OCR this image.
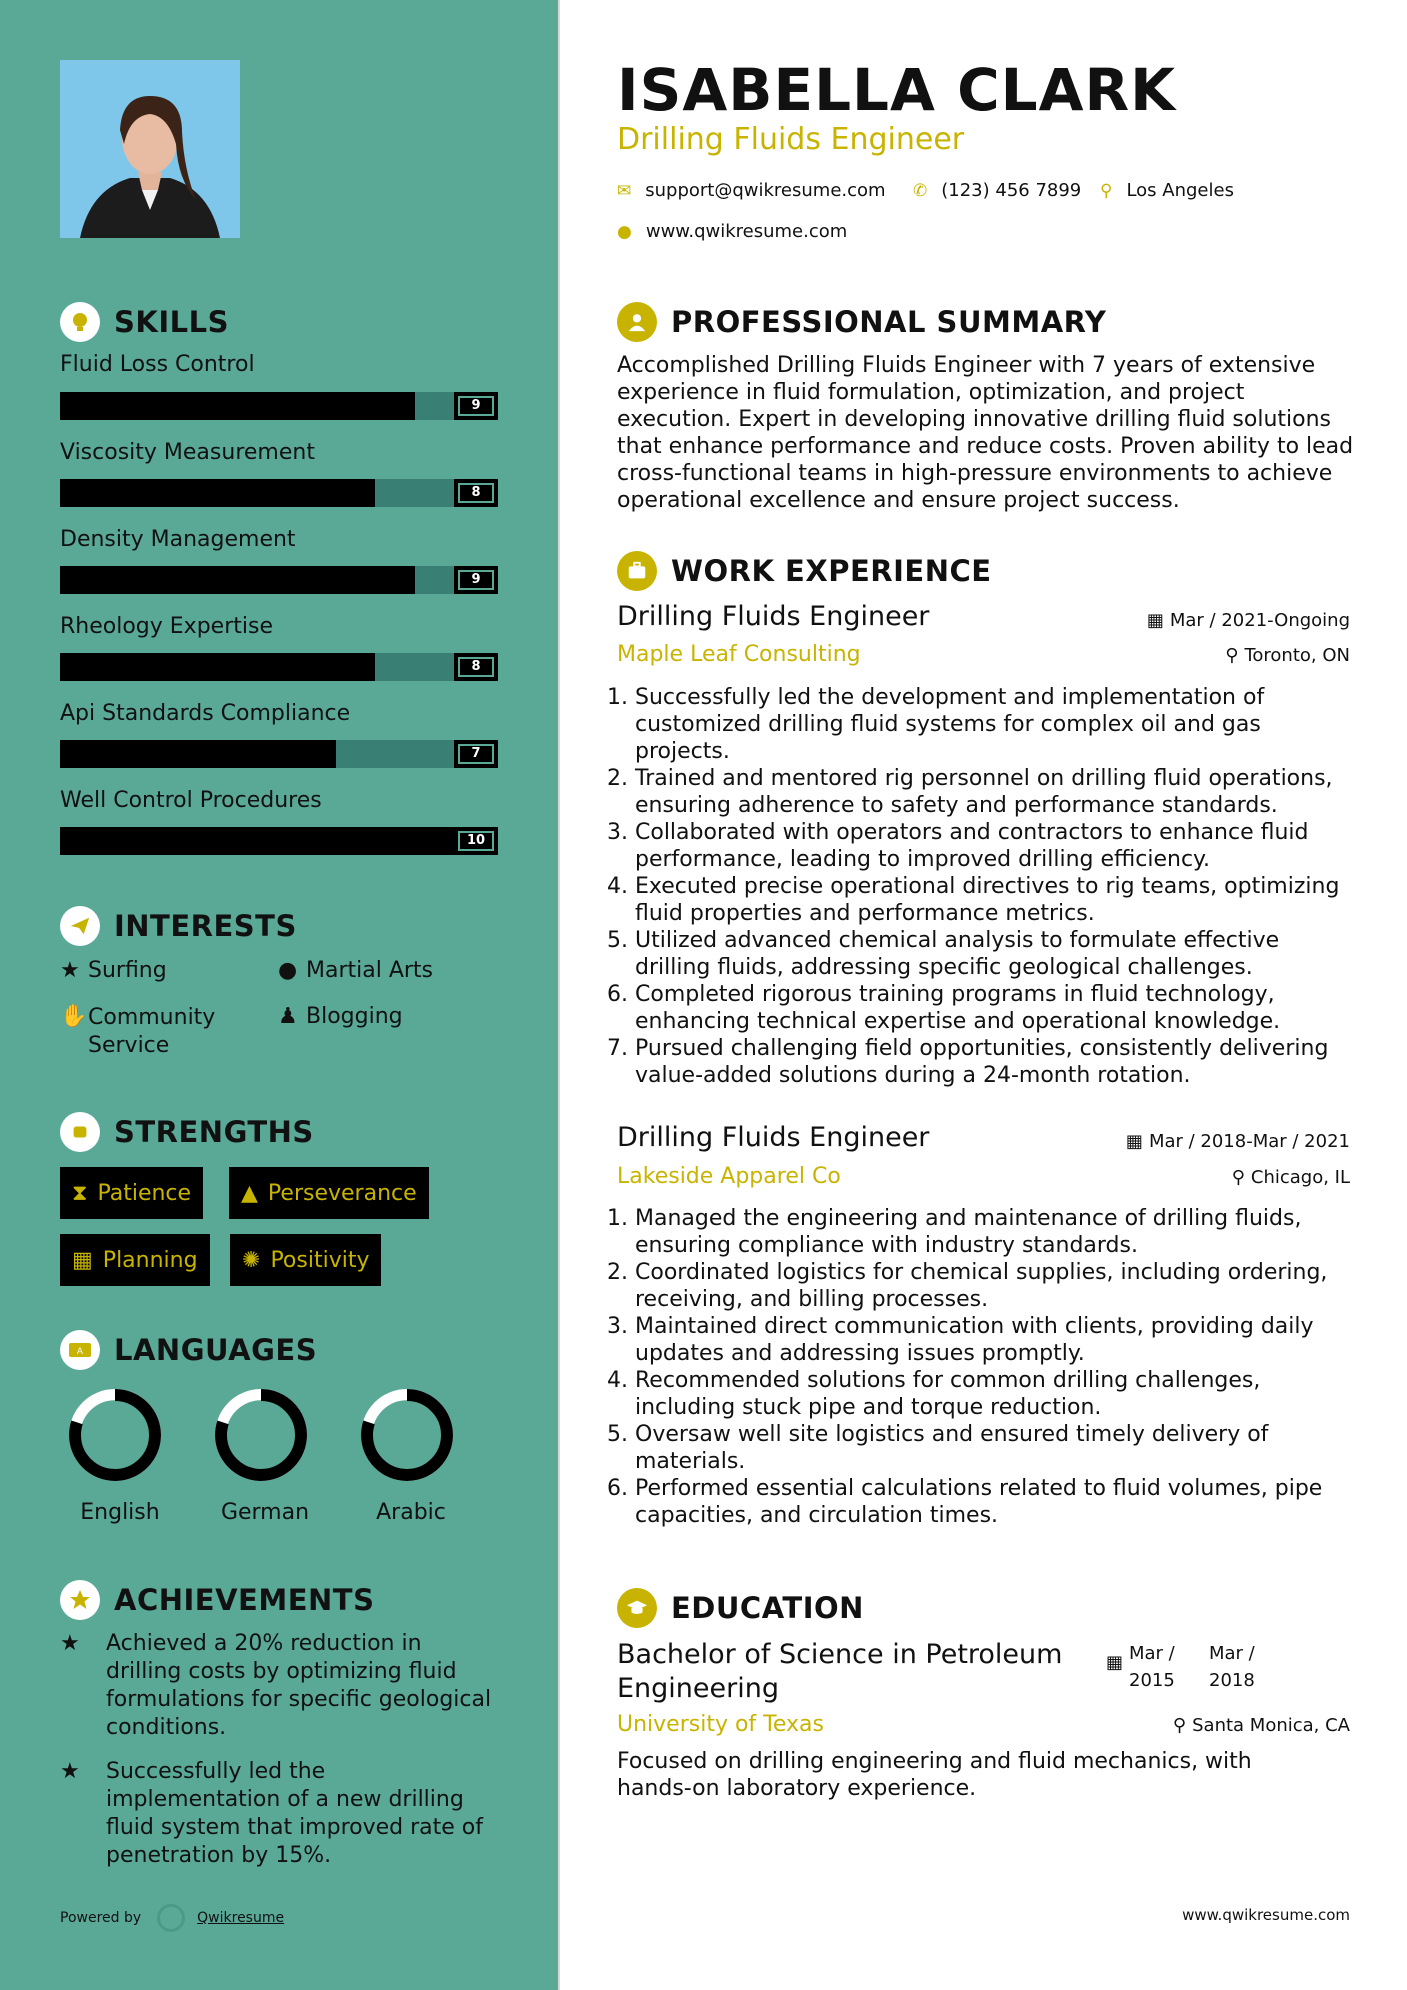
SKILLS
Fluid Loss Control
9
Viscosity Measurement
8
Density Management
9
Rheology Expertise
8
Api Standards Compliance
7
Well Control Procedures
10
INTERESTS
★ Surfing	● Martial Arts
✋ Community Service
♟ Blogging
STRENGTHS
⧗ Patience ▲ Perseverance
▦ Planning ✺ Positivity
A LANGUAGES
English	German	Arabic
ACHIEVEMENTS
★	Achieved a 20% reduction in drilling costs by optimizing fluid formulations for specific geological conditions.
★	Successfully led the implementation of a new drilling fluid system that improved rate of penetration by 15%.
Powered by	Qwikresume
ISABELLA CLARK
Drilling Fluids Engineer
✉ support@qwikresume.com ✆ (123) 456 7899 ⚲ Los Angeles
● www.qwikresume.com
PROFESSIONAL SUMMARY
Accomplished Drilling Fluids Engineer with 7 years of extensive experience in fluid formulation, optimization, and project execution. Expert in developing innovative drilling fluid solutions that enhance performance and reduce costs. Proven ability to lead cross-functional teams in high-pressure environments to achieve operational excellence and ensure project success.
WORK EXPERIENCE
Drilling Fluids Engineer	▦ Mar / 2021-Ongoing
Maple Leaf Consulting	⚲ Toronto, ON
1. Successfully led the development and implementation of customized drilling fluid systems for complex oil and gas projects.
2. Trained and mentored rig personnel on drilling fluid operations, ensuring adherence to safety and performance standards.
3. Collaborated with operators and contractors to enhance fluid performance, leading to improved drilling efficiency.
4. Executed precise operational directives to rig teams, optimizing fluid properties and performance metrics.
5. Utilized advanced chemical analysis to formulate effective drilling fluids, addressing specific geological challenges.
6. Completed rigorous training programs in fluid technology, enhancing technical expertise and operational knowledge.
7. Pursued challenging field opportunities, consistently delivering value-added solutions during a 24-month rotation.
Drilling Fluids Engineer	▦ Mar / 2018-Mar / 2021
Lakeside Apparel Co	⚲ Chicago, IL
1. Managed the engineering and maintenance of drilling fluids, ensuring compliance with industry standards.
2. Coordinated logistics for chemical supplies, including ordering, receiving, and billing processes.
3. Maintained direct communication with clients, providing daily updates and addressing issues promptly.
4. Recommended solutions for common drilling challenges, including stuck pipe and torque reduction.
5. Oversaw well site logistics and ensured timely delivery of materials.
6. Performed essential calculations related to fluid volumes, pipe capacities, and circulation times.
EDUCATION
Bachelor of Science in Petroleum
Engineering
▦ Mar / 2015
Mar / 2018
University of Texas	⚲ Santa Monica, CA
Focused on drilling engineering and fluid mechanics, with hands-on laboratory experience.
www.qwikresume.com
